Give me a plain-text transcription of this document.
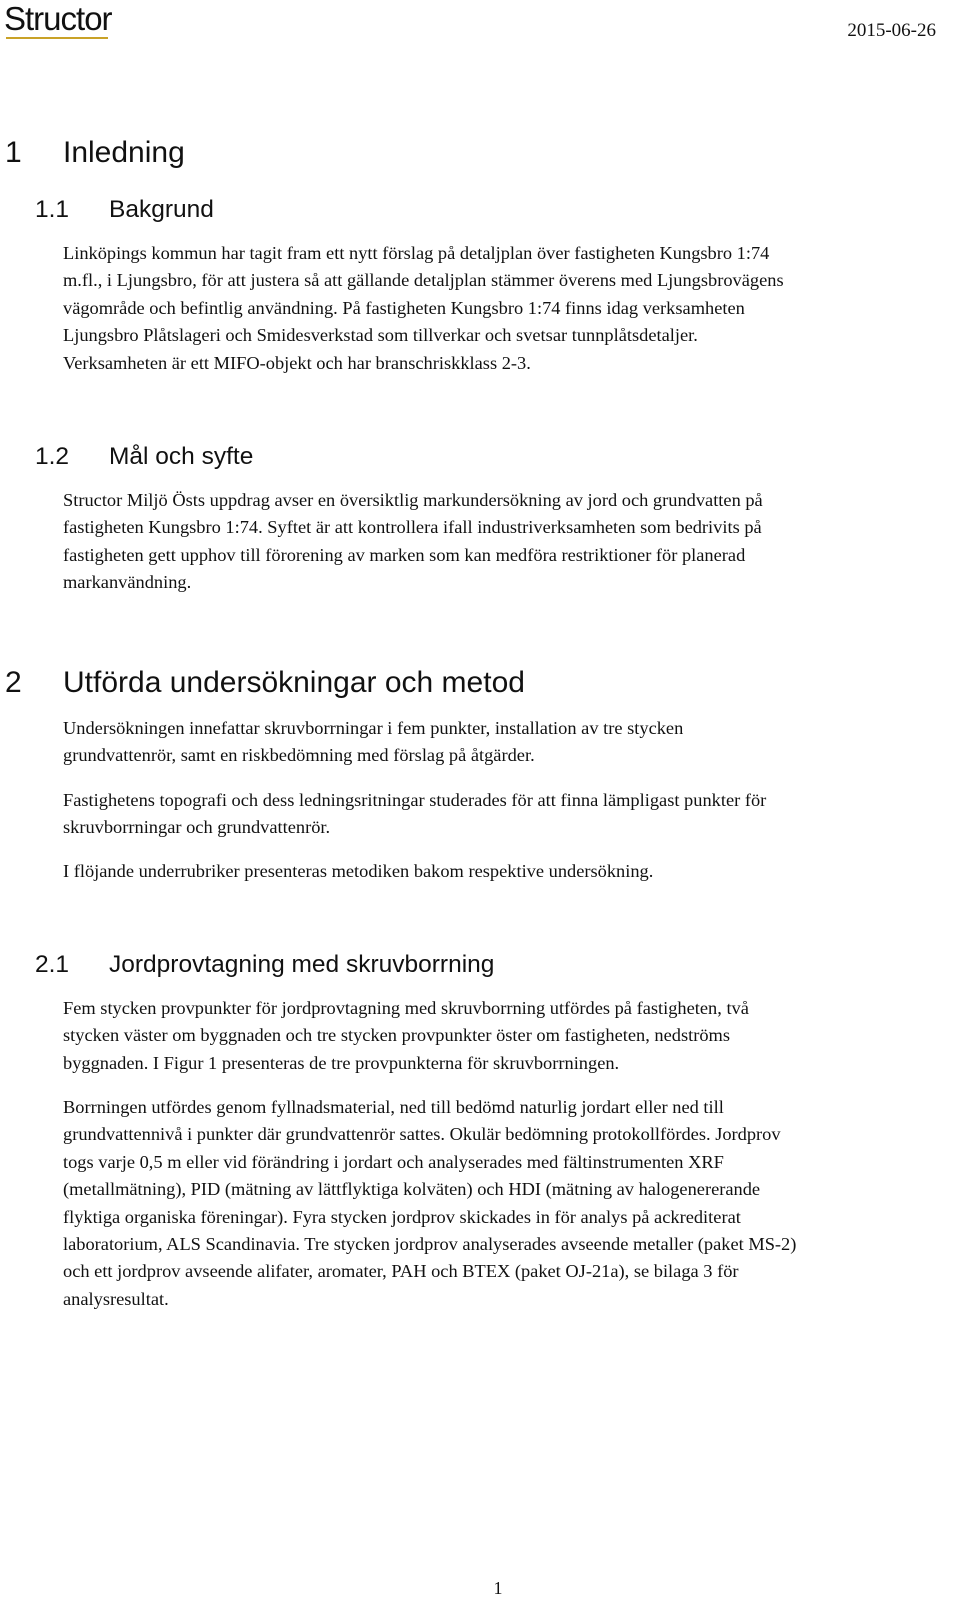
Structor	2015-06-26
1 Inledning
1.1 Bakgrund
Linköpings kommun har tagit fram ett nytt förslag på detaljplan över fastigheten Kungsbro 1:74
m.fl., i Ljungsbro, för att justera så att gällande detaljplan stämmer överens med Ljungsbrovägens
vägområde och befintlig användning. På fastigheten Kungsbro 1:74 finns idag verksamheten
Ljungsbro Plåtslageri och Smidesverkstad som tillverkar och svetsar tunnplåtsdetaljer.
Verksamheten är ett MIFO-objekt och har branschriskklass 2-3.
1.2 Mål och syfte
Structor Miljö Östs uppdrag avser en översiktlig markundersökning av jord och grundvatten på
fastigheten Kungsbro 1:74. Syftet är att kontrollera ifall industriverksamheten som bedrivits på
fastigheten gett upphov till förorening av marken som kan medföra restriktioner för planerad
markanvändning.
2 Utförda undersökningar och metod
Undersökningen innefattar skruvborrningar i fem punkter, installation av tre stycken
grundvattenrör, samt en riskbedömning med förslag på åtgärder.
Fastighetens topografi och dess ledningsritningar studerades för att finna lämpligast punkter för
skruvborrningar och grundvattenrör.
I flöjande underrubriker presenteras metodiken bakom respektive undersökning.
2.1 Jordprovtagning med skruvborrning
Fem stycken provpunkter för jordprovtagning med skruvborrning utfördes på fastigheten, två
stycken väster om byggnaden och tre stycken provpunkter öster om fastigheten, nedströms
byggnaden. I Figur 1 presenteras de tre provpunkterna för skruvborrningen.
Borrningen utfördes genom fyllnadsmaterial, ned till bedömd naturlig jordart eller ned till
grundvattennivå i punkter där grundvattenrör sattes. Okulär bedömning protokollfördes. Jordprov
togs varje 0,5 m eller vid förändring i jordart och analyserades med fältinstrumenten XRF
(metallmätning), PID (mätning av lättflyktiga kolväten) och HDI (mätning av halogenererande
flyktiga organiska föreningar). Fyra stycken jordprov skickades in för analys på ackrediterat
laboratorium, ALS Scandinavia. Tre stycken jordprov analyserades avseende metaller (paket MS-2)
och ett jordprov avseende alifater, aromater, PAH och BTEX (paket OJ-21a), se bilaga 3 för
analysresultat.
1
